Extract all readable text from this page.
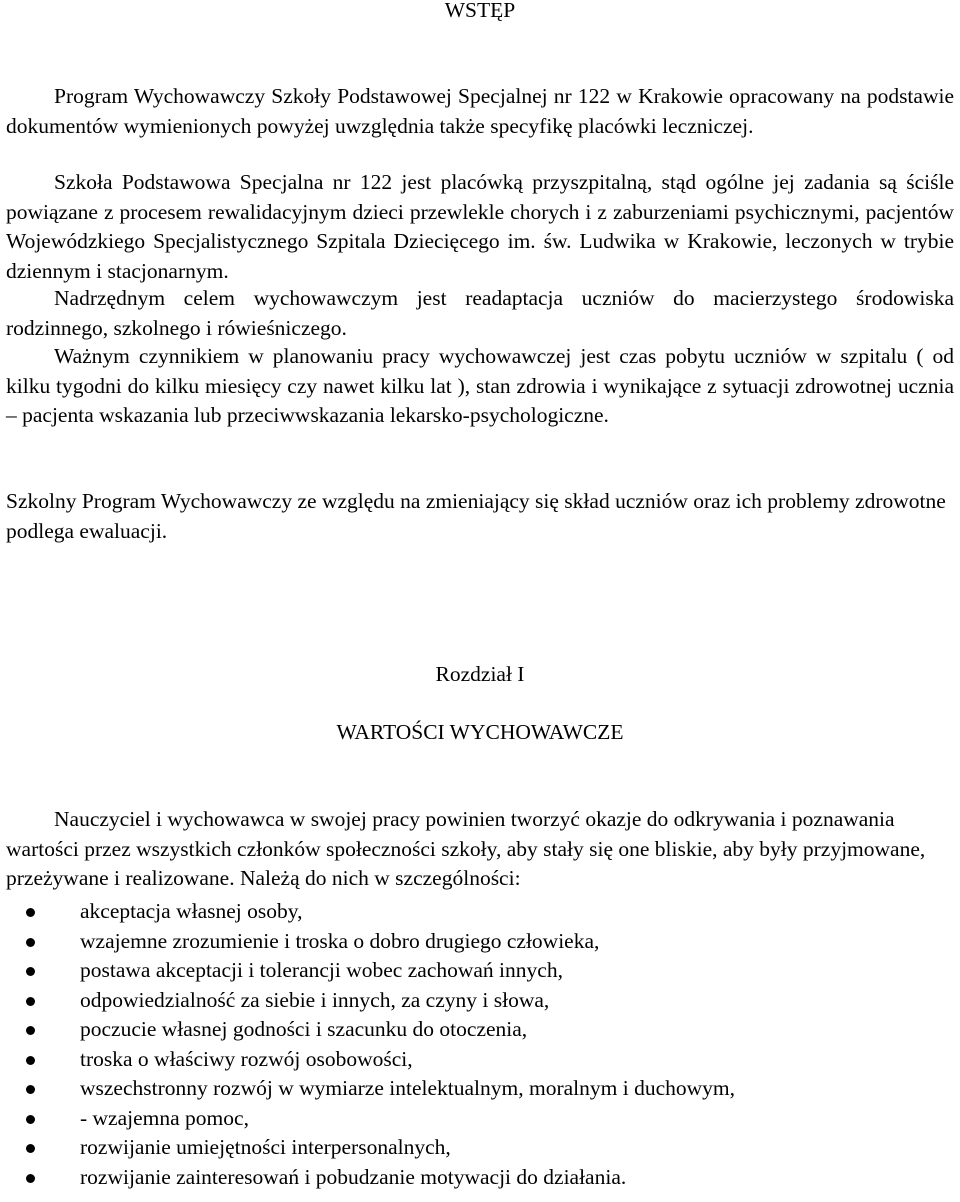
WSTĘP

Program Wychowawczy Szkoły Podstawowej Specjalnej nr 122 w Krakowie opracowany na podstawie dokumentów wymienionych powyżej uwzględnia także specyfikę placówki leczniczej.

Szkoła Podstawowa Specjalna nr 122 jest placówką przyszpitalną, stąd ogólne jej zadania są ściśle powiązane z procesem rewalidacyjnym dzieci przewlekle chorych i z zaburzeniami psychicznymi, pacjentów Wojewódzkiego Specjalistycznego Szpitala Dziecięcego im. św. Ludwika w Krakowie, leczonych w trybie dziennym i stacjonarnym.

Nadrzędnym celem wychowawczym jest readaptacja uczniów do macierzystego środowiska rodzinnego, szkolnego i rówieśniczego.

Ważnym czynnikiem w planowaniu pracy wychowawczej jest czas pobytu uczniów w szpitalu ( od kilku tygodni do kilku miesięcy czy nawet kilku lat ), stan zdrowia i wynikające z sytuacji zdrowotnej ucznia – pacjenta wskazania lub przeciwwskazania lekarsko-psychologiczne.

Szkolny Program Wychowawczy ze względu na zmieniający się skład uczniów oraz ich problemy zdrowotne podlega ewaluacji.

Rozdział I

WARTOŚCI WYCHOWAWCZE

Nauczyciel i wychowawca w swojej pracy powinien tworzyć okazje do odkrywania i poznawania wartości przez wszystkich członków społeczności szkoły, aby stały się one bliskie, aby były przyjmowane, przeżywane i realizowane. Należą do nich w szczególności:

akceptacja własnej osoby,
wzajemne zrozumienie i troska o dobro drugiego człowieka,
postawa akceptacji i tolerancji wobec zachowań innych,
odpowiedzialność za siebie i innych, za czyny i słowa,
poczucie własnej godności i szacunku do otoczenia,
troska o właściwy rozwój osobowości,
wszechstronny rozwój w wymiarze intelektualnym, moralnym i duchowym,
- wzajemna pomoc,
rozwijanie umiejętności interpersonalnych,
rozwijanie zainteresowań i pobudzanie motywacji do działania.
